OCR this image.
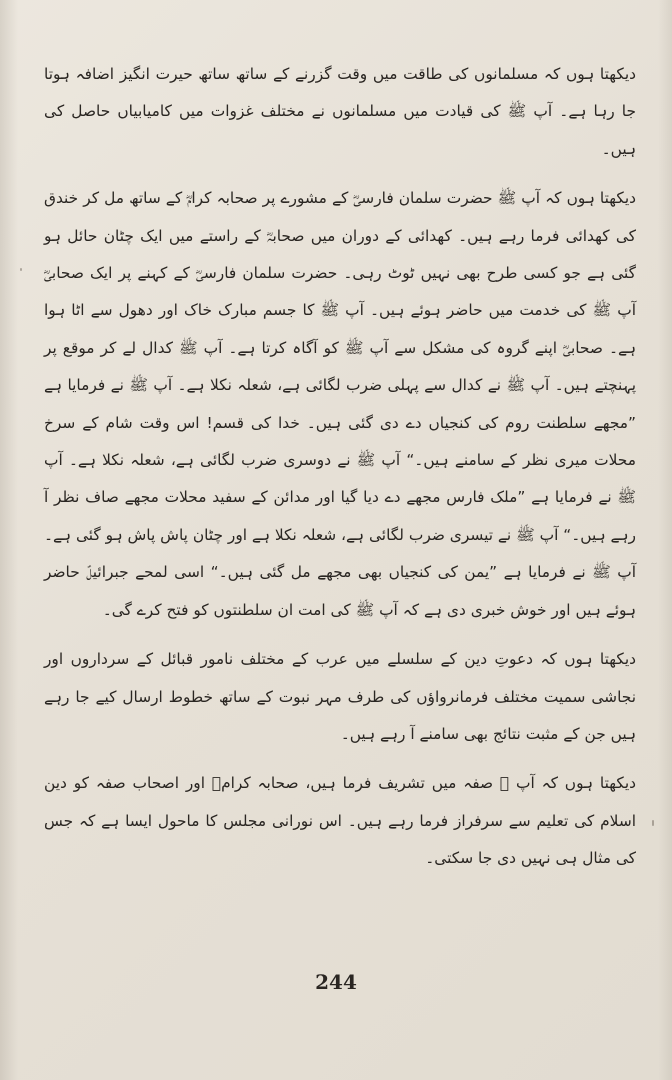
دیکھتا ہوں کہ مسلمانوں کی طاقت میں وقت گزرنے کے ساتھ ساتھ حیرت انگیز اضافہ ہوتا جا رہا ہے۔ آپ ﷺ کی قیادت میں مسلمانوں نے مختلف غزوات میں کامیابیاں حاصل کی ہیں۔

دیکھتا ہوں کہ آپ ﷺ حضرت سلمان فارسیؓ کے مشورے پر صحابہ کرامؓ کے ساتھ مل کر خندق کی کھدائی فرما رہے ہیں۔ کھدائی کے دوران میں صحابہؓ کے راستے میں ایک چٹان حائل ہو گئی ہے جو کسی طرح بھی نہیں ٹوٹ رہی۔ حضرت سلمان فارسیؓ کے کہنے پر ایک صحابیؓ آپ ﷺ کی خدمت میں حاضر ہوئے ہیں۔ آپ ﷺ کا جسم مبارک خاک اور دھول سے اٹا ہوا ہے۔ صحابیؓ اپنے گروہ کی مشکل سے آپ ﷺ کو آگاہ کرتا ہے۔ آپ ﷺ کدال لے کر موقع پر پہنچتے ہیں۔ آپ ﷺ نے کدال سے پہلی ضرب لگائی ہے، شعلہ نکلا ہے۔ آپ ﷺ نے فرمایا ہے ”مجھے سلطنت روم کی کنجیاں دے دی گئی ہیں۔ خدا کی قسم! اس وقت شام کے سرخ محلات میری نظر کے سامنے ہیں۔“ آپ ﷺ نے دوسری ضرب لگائی ہے، شعلہ نکلا ہے۔ آپ ﷺ نے فرمایا ہے ”ملک فارس مجھے دے دیا گیا اور مدائن کے سفید محلات مجھے صاف نظر آ رہے ہیں۔“ آپ ﷺ نے تیسری ضرب لگائی ہے، شعلہ نکلا ہے اور چٹان پاش پاش ہو گئی ہے۔ آپ ﷺ نے فرمایا ہے ”یمن کی کنجیاں بھی مجھے مل گئی ہیں۔“ اسی لمحے جبرائیلؑ حاضر ہوئے ہیں اور خوش خبری دی ہے کہ آپ ﷺ کی امت ان سلطنتوں کو فتح کرے گی۔

دیکھتا ہوں کہ دعوتِ دین کے سلسلے میں عرب کے مختلف نامور قبائل کے سرداروں اور نجاشی سمیت مختلف فرمانرواؤں کی طرف مہر نبوت کے ساتھ خطوط ارسال کیے جا رہے ہیں جن کے مثبت نتائج بھی سامنے آ رہے ہیں۔

دیکھتا ہوں کہ آپ ﷺ صفہ میں تشریف فرما ہیں، صحابہ کرامؓ اور اصحاب صفہ کو دین اسلام کی تعلیم سے سرفراز فرما رہے ہیں۔ اس نورانی مجلس کا ماحول ایسا ہے کہ جس کی مثال ہی نہیں دی جا سکتی۔

244
